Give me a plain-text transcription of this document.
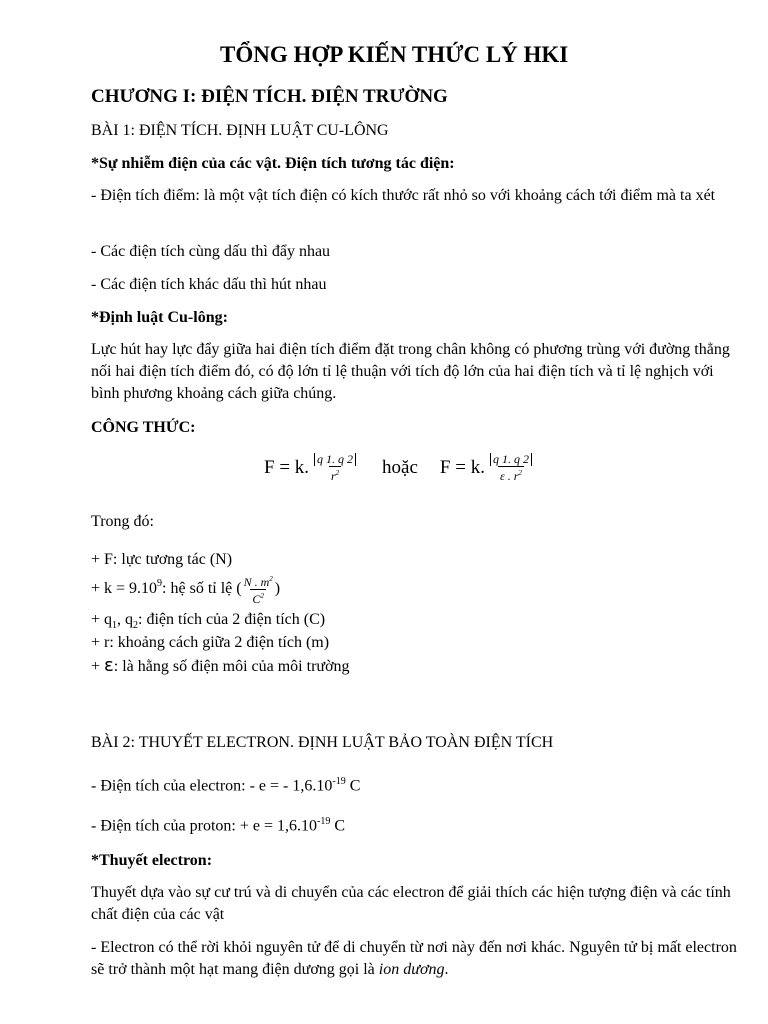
TỔNG HỢP KIẾN THỨC LÝ HKI
CHƯƠNG I: ĐIỆN TÍCH. ĐIỆN TRƯỜNG
BÀI 1: ĐIỆN TÍCH. ĐỊNH LUẬT CU-LÔNG
*Sự nhiễm điện của các vật. Điện tích tương tác điện:
- Điện tích điểm: là một vật tích điện có kích thước rất nhỏ so với khoảng cách tới điểm mà ta xét
- Các điện tích cùng dấu thì đẩy nhau
- Các điện tích khác dấu thì hút nhau
*Định luật Cu-lông:
Lực hút hay lực đẩy giữa hai điện tích điểm đặt trong chân không có phương trùng với đường thẳng nối hai điện tích điểm đó, có độ lớn tỉ lệ thuận với tích độ lớn của hai điện tích và tỉ lệ nghịch với bình phương khoảng cách giữa chúng.
CÔNG THỨC:
F = k. $\frac{q 1. q 2}{r^2}$ hoặc F = k. $\frac{q 1. q 2}{\varepsilon . r^2}$
Trong đó:
+ F: lực tương tác (N)
+ $k = 9.10^9$ : hệ số tỉ lệ ( $\frac{N . m^2}{C^2}$ )
+ $q_1$, $q_2$: điện tích của 2 điện tích (C)
+ r: khoảng cách giữa 2 điện tích (m)
+ ε: là hằng số điện môi của môi trường
BÀI 2: THUYẾT ELECTRON. ĐỊNH LUẬT BẢO TOÀN ĐIỆN TÍCH
- Điện tích của electron: - e = - $1,6.10^{-19}$ C
- Điện tích của proton: + $e = 1,6.10^{-19}$ C
*Thuyết electron:
Thuyết dựa vào sự cư trú và di chuyển của các electron để giải thích các hiện tượng điện và các tính chất điện của các vật
- Electron có thể rời khỏi nguyên tử để di chuyển từ nơi này đến nơi khác. Nguyên tử bị mất electron sẽ trở thành một hạt mang điện dương gọi là ion dương.
